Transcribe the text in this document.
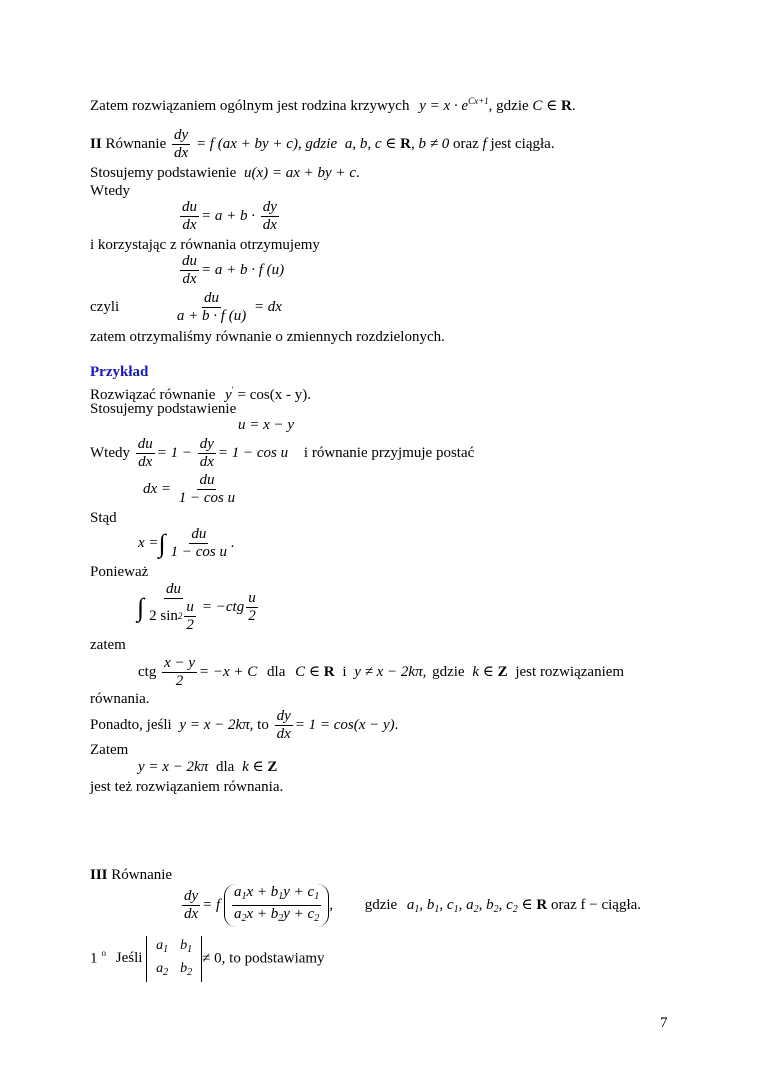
Zatem rozwiązaniem ogólnym jest rodzina krzywych $y = x \cdot e^{Cx+1}$, gdzie C ∈ R.
II Równanie $\frac{dy}{dx} = f$ (ax + by + c), gdzie a, b, c ∈ R, b ≠ 0 oraz f jest ciągła.
Stosujemy podstawienie u(x) = ax + by + c.
Wtedy
$\frac{du}{dx} = a + b \cdot \frac{dy}{dx}$
i korzystając z równania otrzymujemy
$\frac{du}{dx} = a + b \cdot f$ (u)
czyli	$\frac{du}{a + b \cdot f (u)}$ = dx
zatem otrzymaliśmy równanie o zmiennych rozdzielonych.
Przykład
Rozwiązać równanie y′ = cos(x - y).
Stosujemy podstawienie
u = x − y
Wtedy $\frac{du}{dx} = 1 - \frac{dy}{dx} = 1 - \cos u$ i równanie przyjmuje postać
dx = $\frac{du}{\text{1 − cos u}}$
Stąd
x =∫ $\frac{du}{\text{1 − cos u}}$ .
Ponieważ
∫ $\frac{du}{2 \sin 2 \frac{u}{2}} = -ctg \frac{u}{2}$
zatem
ctg $\frac{x - y}{2} = -x + C$ dla C ∈ R i y ≠ x − 2kπ, gdzie k ∈ Z jest rozwiązaniem
równania.
Ponadto, jeśli y = x − 2kπ, to $\frac{dy}{dx} = 1 = \cos(x - y)$.
Zatem
y = x − 2kπ dla k ∈ Z
jest też rozwiązaniem równania.
III Równanie
$\frac{dy}{dx} = f \frac{a_1x + b_1y + c_1}{a_2x + b_2y + c_2}$ , gdzie $a_1$, $b_1$, $c_1$, $a_2$, $b_2$, $c_2$ ∈ R oraz f − ciągła.
1 $^o$ Jeśli
$a_1$	$b_1$
$a_2$	$b_2$
≠ 0, to podstawiamy
7
